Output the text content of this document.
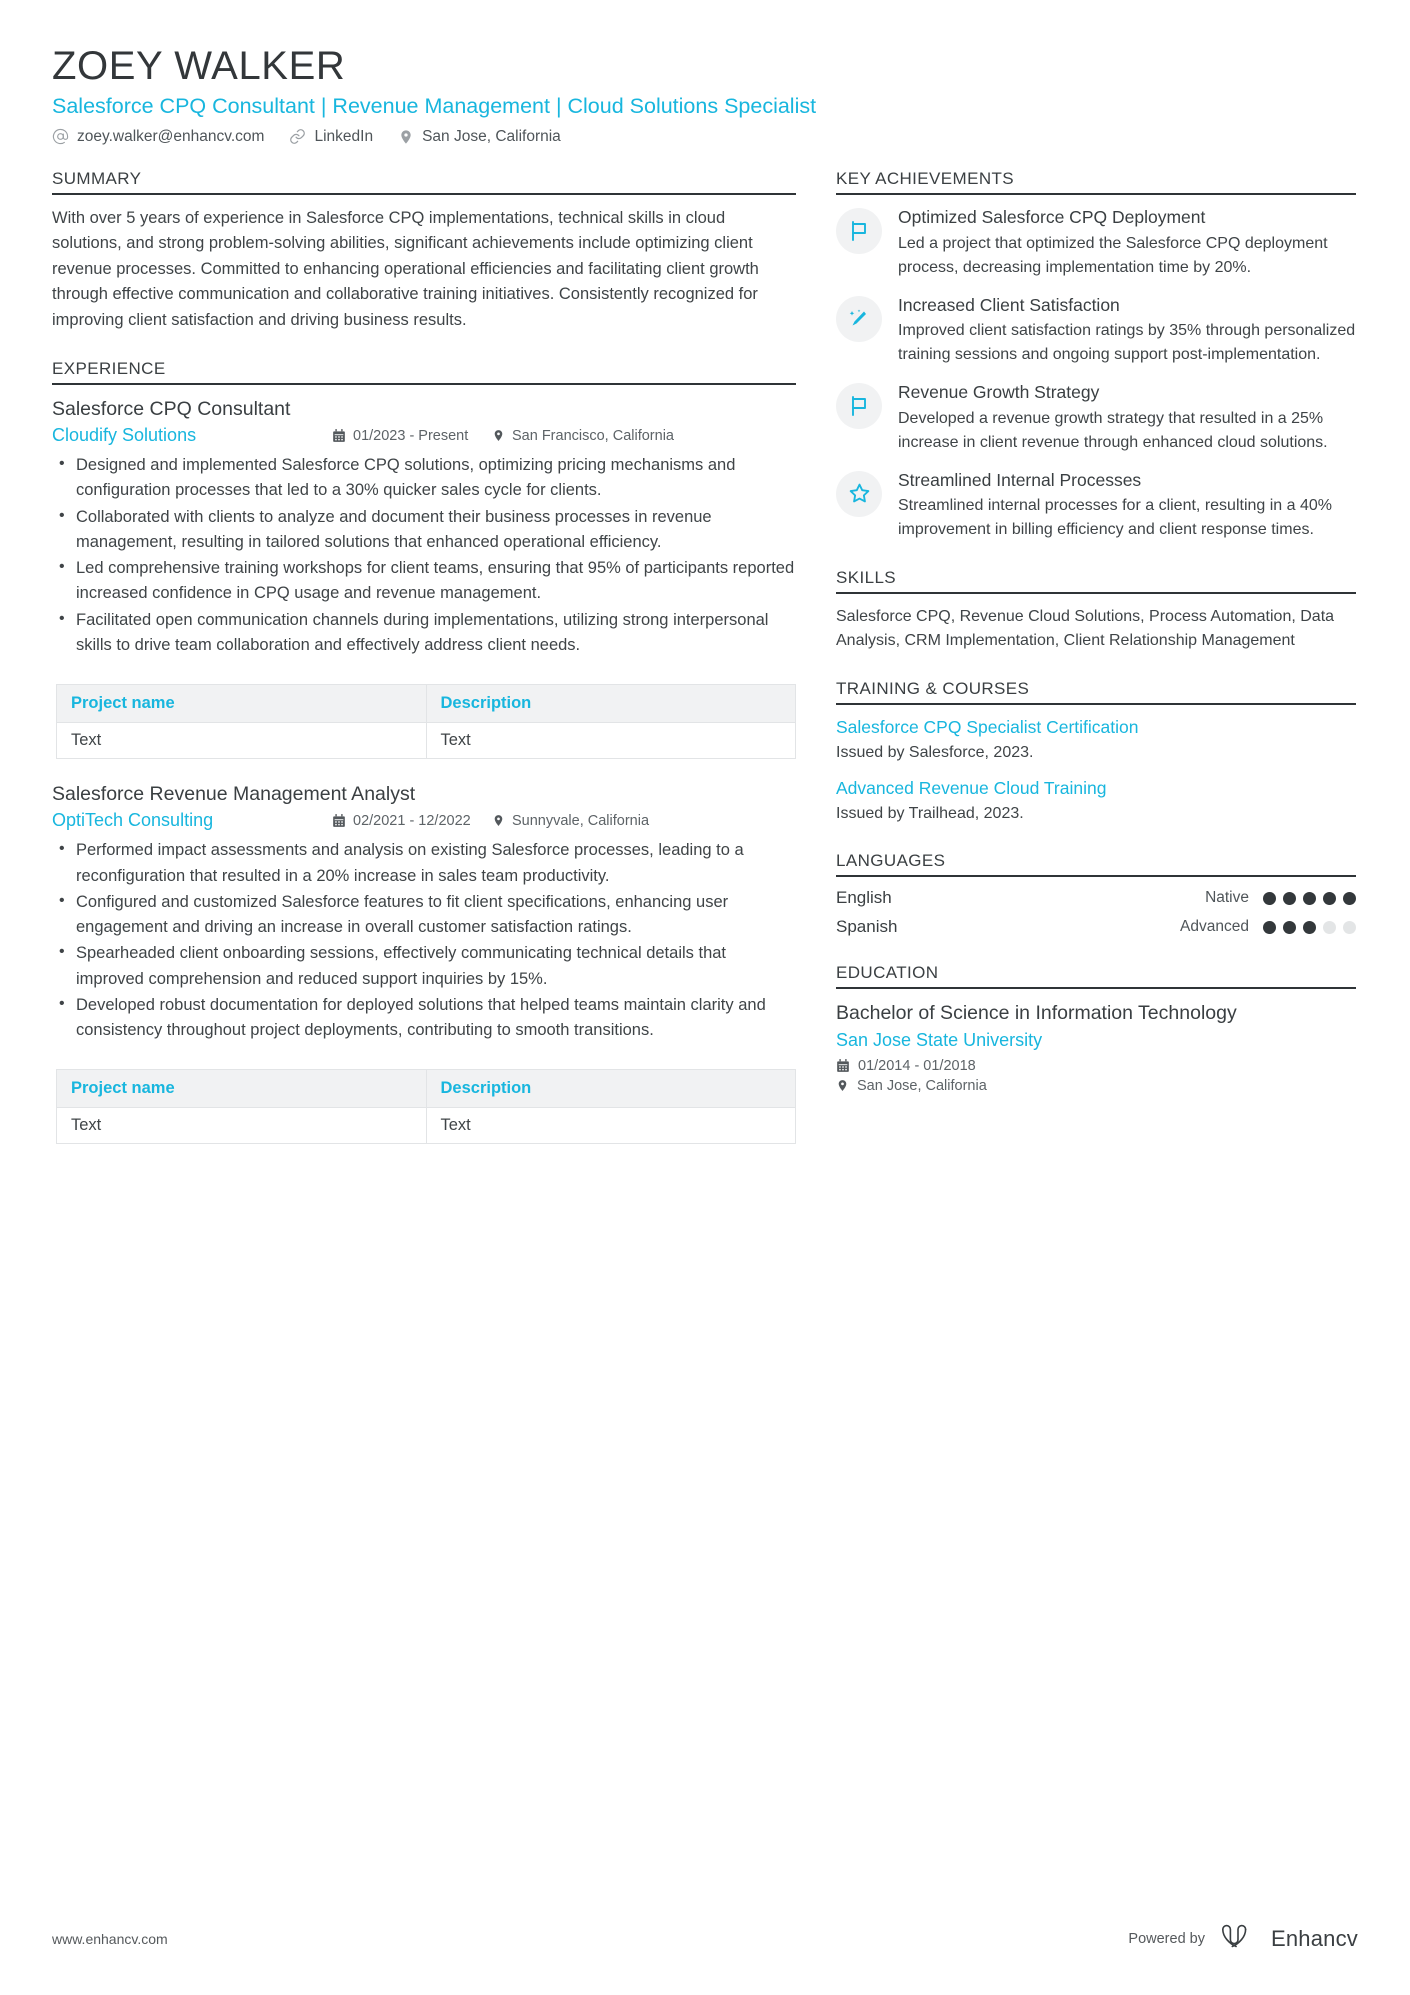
ZOEY WALKER
Salesforce CPQ Consultant | Revenue Management | Cloud Solutions Specialist
zoey.walker@enhancv.com	LinkedIn	San Jose, California
SUMMARY
With over 5 years of experience in Salesforce CPQ implementations, technical skills in cloud solutions, and strong problem-solving abilities, significant achievements include optimizing client revenue processes. Committed to enhancing operational efficiencies and facilitating client growth through effective communication and collaborative training initiatives. Consistently recognized for improving client satisfaction and driving business results.
EXPERIENCE
Salesforce CPQ Consultant
Cloudify Solutions	01/2023 - Present	San Francisco, California
• Designed and implemented Salesforce CPQ solutions, optimizing pricing mechanisms and configuration processes that led to a 30% quicker sales cycle for clients.
• Collaborated with clients to analyze and document their business processes in revenue management, resulting in tailored solutions that enhanced operational efficiency.
• Led comprehensive training workshops for client teams, ensuring that 95% of participants reported increased confidence in CPQ usage and revenue management.
• Facilitated open communication channels during implementations, utilizing strong interpersonal skills to drive team collaboration and effectively address client needs.
Project name	Description
Text	Text
Salesforce Revenue Management Analyst
OptiTech Consulting	02/2021 - 12/2022	Sunnyvale, California
• Performed impact assessments and analysis on existing Salesforce processes, leading to a reconfiguration that resulted in a 20% increase in sales team productivity.
• Configured and customized Salesforce features to fit client specifications, enhancing user engagement and driving an increase in overall customer satisfaction ratings.
• Spearheaded client onboarding sessions, effectively communicating technical details that improved comprehension and reduced support inquiries by 15%.
• Developed robust documentation for deployed solutions that helped teams maintain clarity and consistency throughout project deployments, contributing to smooth transitions.
Project name	Description
Text	Text
KEY ACHIEVEMENTS
Optimized Salesforce CPQ Deployment
Led a project that optimized the Salesforce CPQ deployment process, decreasing implementation time by 20%.
Increased Client Satisfaction
Improved client satisfaction ratings by 35% through personalized training sessions and ongoing support post-implementation.
Revenue Growth Strategy
Developed a revenue growth strategy that resulted in a 25% increase in client revenue through enhanced cloud solutions.
Streamlined Internal Processes
Streamlined internal processes for a client, resulting in a 40% improvement in billing efficiency and client response times.
SKILLS
Salesforce CPQ, Revenue Cloud Solutions, Process Automation, Data Analysis, CRM Implementation, Client Relationship Management
TRAINING & COURSES
Salesforce CPQ Specialist Certification
Issued by Salesforce, 2023.
Advanced Revenue Cloud Training
Issued by Trailhead, 2023.
LANGUAGES
English	Native
Spanish	Advanced
EDUCATION
Bachelor of Science in Information Technology
San Jose State University
01/2014 - 01/2018
San Jose, California
www.enhancv.com	Powered by	Enhancv
